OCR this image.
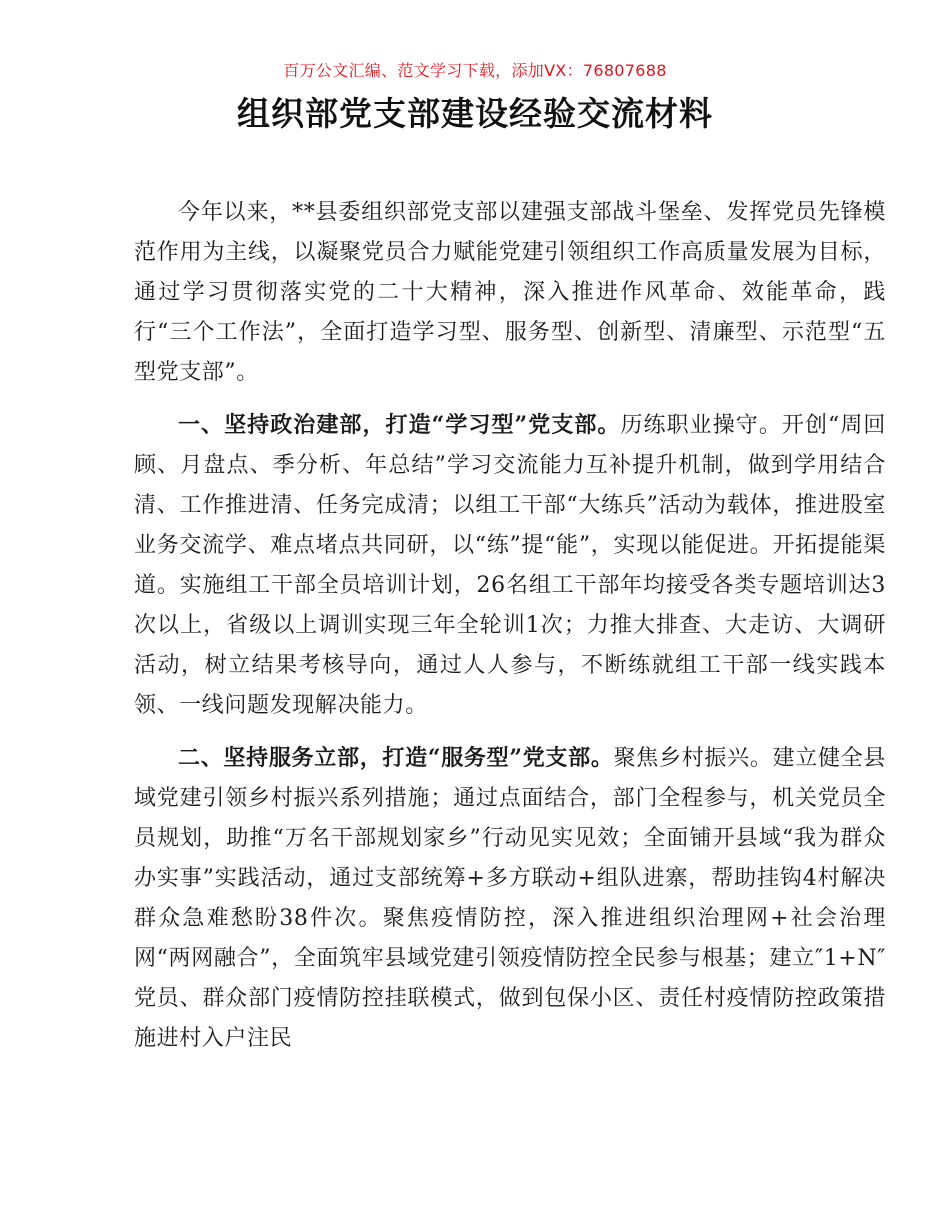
百万公文汇编、范文学习下载，添加VX：76807688
组织部党支部建设经验交流材料

今年以来，**县委组织部党支部以建强支部战斗堡垒、发挥党员先锋模范作用为主线，以凝聚党员合力赋能党建引领组织工作高质量发展为目标，通过学习贯彻落实党的二十大精神，深入推进作风革命、效能革命，践行“三个工作法”，全面打造学习型、服务型、创新型、清廉型、示范型“五型党支部”。

一、坚持政治建部，打造“学习型”党支部。历练职业操守。开创“周回顾、月盘点、季分析、年总结”学习交流能力互补提升机制，做到学用结合清、工作推进清、任务完成清；以组工干部“大练兵”活动为载体，推进股室业务交流学、难点堵点共同研，以“练”提“能”，实现以能促进。开拓提能渠道。实施组工干部全员培训计划，26名组工干部年均接受各类专题培训达3次以上，省级以上调训实现三年全轮训1次；力推大排查、大走访、大调研活动，树立结果考核导向，通过人人参与，不断练就组工干部一线实践本领、一线问题发现解决能力。

二、坚持服务立部，打造“服务型”党支部。聚焦乡村振兴。建立健全县域党建引领乡村振兴系列措施；通过点面结合，部门全程参与，机关党员全员规划，助推“万名干部规划家乡”行动见实见效；全面铺开县域“我为群众办实事”实践活动，通过支部统筹+多方联动+组队进寨，帮助挂钩4村解决群众急难愁盼38件次。聚焦疫情防控，深入推进组织治理网+社会治理网“两网融合”，全面筑牢县域党建引领疫情防控全民参与根基；建立″1+N″党员、群众部门疫情防控挂联模式，做到包保小区、责任村疫情防控政策措施进村入户注民
